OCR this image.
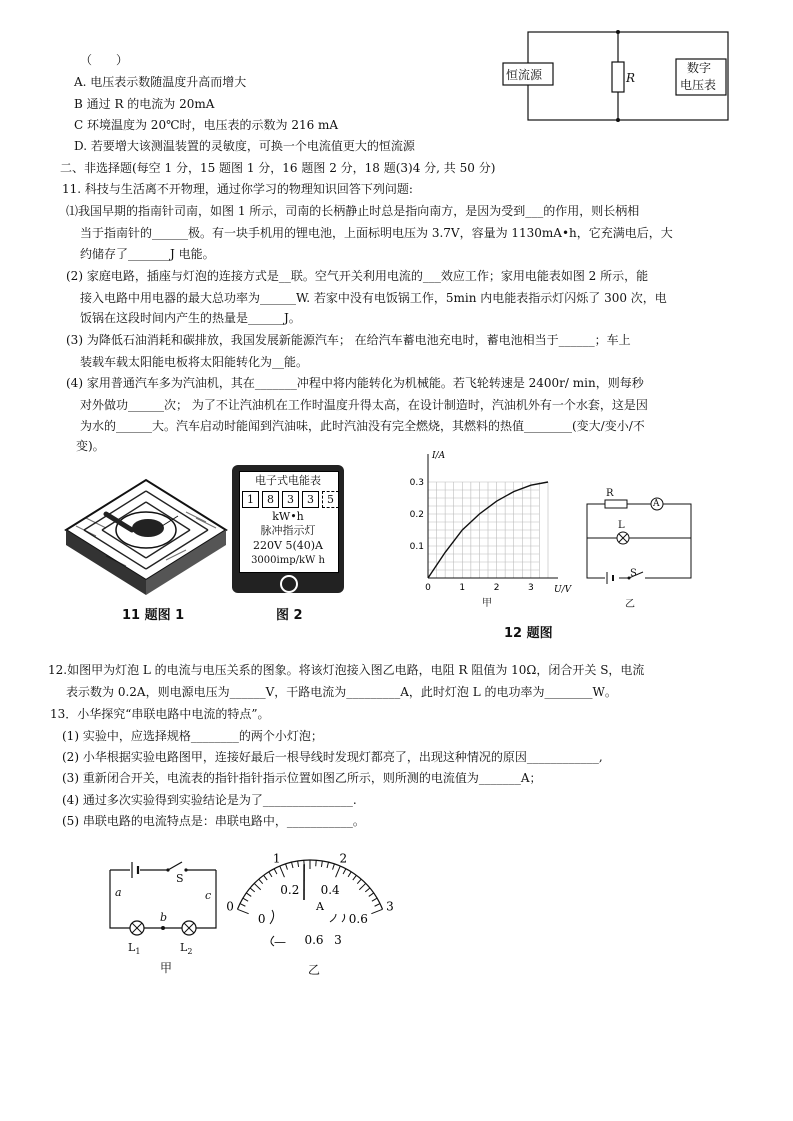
（　　）
A. 电压表示数随温度升高而增大
B 通过 R 的电流为 20mA
C 环境温度为 20℃时，电压表的示数为 216 mA
D. 若要增大该测温装置的灵敏度，可换一个电流值更大的恒流源
恒流源	R
数字
电压表
二、非选择题(每空 1 分，15 题图 1 分，16 题图 2 分，18 题(3)4 分, 共 50 分)
11. 科技与生活离不开物理，通过你学习的物理知识回答下列问题:
⑴我国早期的指南针司南，如图 1 所示，司南的长柄静止时总是指向南方，是因为受到___的作用，则长柄相
当于指南针的______极。有一块手机用的锂电池，上面标明电压为 3.7V，容量为 1130mA•h，它充满电后，大
约储存了_______J 电能。
(2) 家庭电路，插座与灯泡的连接方式是__联。空气开关利用电流的___效应工作；家用电能表如图 2 所示，能
接入电路中用电器的最大总功率为______W. 若家中没有电饭锅工作，5min 内电能表指示灯闪烁了 300 次，电
饭锅在这段时间内产生的热量是______J。
(3) 为降低石油消耗和碳排放，我国发展新能源汽车； 在给汽车蓄电池充电时，蓄电池相当于______；车上
装载车载太阳能电板将太阳能转化为__能。
(4) 家用普通汽车多为汽油机，其在_______冲程中将内能转化为机械能。若飞轮转速是 2400r/ min，则每秒
对外做功______次； 为了不让汽油机在工作时温度升得太高，在设计制造时，汽油机外有一个水套，这是因
为水的______大。汽车启动时能闻到汽油味，此时汽油没有完全燃烧，其燃料的热值________(变大/变小/不
变)。
11 题图 1
电子式电能表
1	8	3	3	5
kW•h
脉冲指示灯
220V 5(40)A
3000imp/kW h
图 2
0.1
0.2
0.3
0	1	2	3
I/A
U/V
甲
R
A
L
S
乙
12 题图
12.如图甲为灯泡 L 的电流与电压关系的图象。将该灯泡接入图乙电路，电阻 R 阻值为 10Ω，闭合开关 S，电流
表示数为 0.2A，则电源电压为______V，干路电流为_________A，此时灯泡 L 的电功率为________W。
13．小华探究“串联电路中电流的特点”。
(1) 实验中，应选择规格________的两个小灯泡；
(2) 小华根据实验电路图甲，连接好最后一根导线时发现灯都亮了，出现这种情况的原因____________,
(3) 重新闭合开关，电流表的指针指针指示位置如图乙所示，则所测的电流值为_______A；
(4) 通过多次实验得到实验结论是为了_______________.
(5) 串联电路的电流特点是：串联电路中，___________。
a
b
c
S
$L_1$	$L_2$
甲
0
1	2
3
0
0.2 0.4
0.6
A
— 0.6 3
乙
